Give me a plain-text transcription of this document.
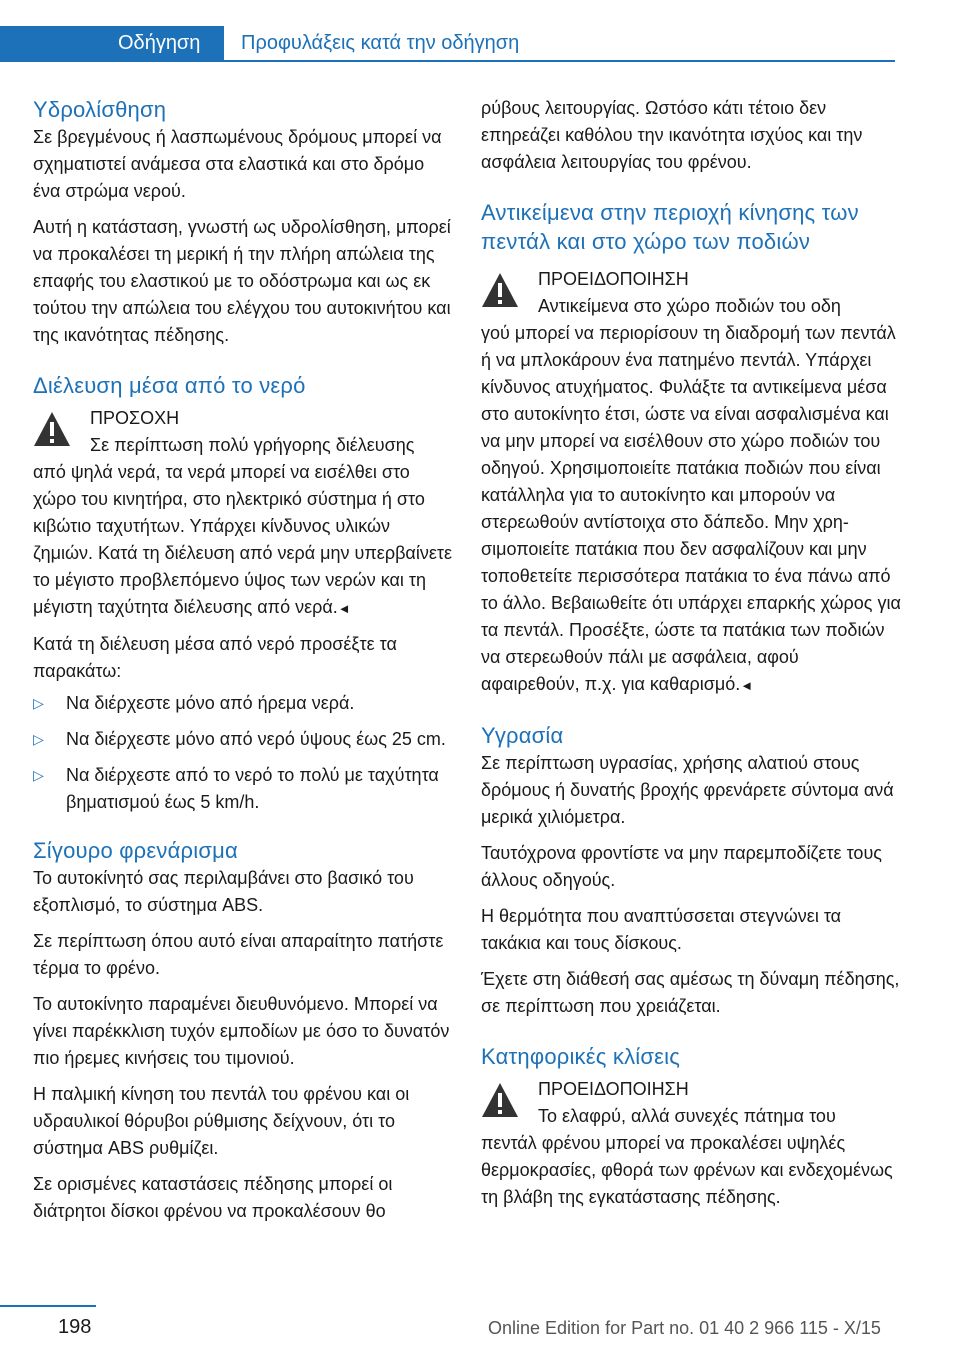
Οδήγηση	Προφυλάξεις κατά την οδήγηση
Υδρολίσθηση

Σε βρεγμένους ή λασπωμένους δρόμους μπορεί να σχηματιστεί ανάμεσα στα ελαστικά και στο δρόμο ένα στρώμα νερού.

Αυτή η κατάσταση, γνωστή ως υδρολίσθηση, μπορεί να προκαλέσει τη μερική ή την πλήρη απώλεια της επαφής του ελαστικού με το οδόστρωμα και ως εκ τούτου την απώλεια του ελέγχου του αυτοκινήτου και της ικανότητας πέδησης.

Διέλευση μέσα από το νερό

ΠΡΟΣΟΧΗ

Σε περίπτωση πολύ γρήγορης διέλευσης

από ψηλά νερά, τα νερά μπορεί να εισέλθει στο χώρο του κινητήρα, στο ηλεκτρικό σύστημα ή στο κιβώτιο ταχυτήτων. Υπάρχει κίνδυνος υλικών ζημιών. Κατά τη διέλευση από νερά μην υπερβαίνετε το μέγιστο προβλεπόμενο ύψος των νερών και τη μέγιστη ταχύτητα διέλευσης από νερά.◄

Κατά τη διέλευση μέσα από νερό προσέξτε τα παρακάτω:

▷	Να διέρχεστε μόνο από ήρεμα νερά.
▷	Να διέρχεστε μόνο από νερό ύψους έως 25 cm.
▷	Να διέρχεστε από το νερό το πολύ με ταχύτητα βηματισμού έως 5 km/h.
Σίγουρο φρενάρισμα

Το αυτοκίνητό σας περιλαμβάνει στο βασικό του εξοπλισμό, το σύστημα ABS.

Σε περίπτωση όπου αυτό είναι απαραίτητο πατήστε τέρμα το φρένο.

Το αυτοκίνητο παραμένει διευθυνόμενο. Μπορεί να γίνει παρέκκλιση τυχόν εμποδίων με όσο το δυνατόν πιο ήρεμες κινήσεις του τιμονιού.

Η παλμική κίνηση του πεντάλ του φρένου και οι υδραυλικοί θόρυβοι ρύθμισης δείχνουν, ότι το σύστημα ABS ρυθμίζει.

Σε ορισμένες καταστάσεις πέδησης μπορεί οι διάτρητοι δίσκοι φρένου να προκαλέσουν θο

ρύβους λειτουργίας. Ωστόσο κάτι τέτοιο δεν επηρεάζει καθόλου την ικανότητα ισχύος και την ασφάλεια λειτουργίας του φρένου.

Αντικείμενα στην περιοχή κίνησης των πεντάλ και στο χώρο των ποδιών

ΠΡΟΕΙΔΟΠΟΙΗΣΗ

Αντικείμενα στο χώρο ποδιών του οδη

γού μπορεί να περιορίσουν τη διαδρομή των πεντάλ ή να μπλοκάρουν ένα πατημένο πεντάλ. Υπάρχει κίνδυνος ατυχήματος. Φυλάξτε τα αντικείμενα μέσα στο αυτοκίνητο έτσι, ώστε να είναι ασφαλισμένα και να μην μπορεί να εισέλθουν στο χώρο ποδιών του οδηγού. Χρησιμοποιείτε πατάκια ποδιών που είναι κατάλληλα για το αυτοκίνητο και μπορούν να στερεωθούν αντίστοιχα στο δάπεδο. Μην χρησιμοποιείτε πατάκια που δεν ασφαλίζουν και μην τοποθετείτε περισσότερα πατάκια το ένα πάνω από το άλλο. Βεβαιωθείτε ότι υπάρχει επαρκής χώρος για τα πεντάλ. Προσέξτε, ώστε τα πατάκια των ποδιών να στερεωθούν πάλι με ασφάλεια, αφού αφαιρεθούν, π.χ. για καθαρισμό.◄

Υγρασία

Σε περίπτωση υγρασίας, χρήσης αλατιού στους δρόμους ή δυνατής βροχής φρενάρετε σύντομα ανά μερικά χιλιόμετρα.

Ταυτόχρονα φροντίστε να μην παρεμποδίζετε τους άλλους οδηγούς.

Η θερμότητα που αναπτύσσεται στεγνώνει τα τακάκια και τους δίσκους.

Έχετε στη διάθεσή σας αμέσως τη δύναμη πέδησης, σε περίπτωση που χρειάζεται.

Κατηφορικές κλίσεις

ΠΡΟΕΙΔΟΠΟΙΗΣΗ

Το ελαφρύ, αλλά συνεχές πάτημα του

πεντάλ φρένου μπορεί να προκαλέσει υψηλές θερμοκρασίες, φθορά των φρένων και ενδεχομένως τη βλάβη της εγκατάστασης πέδησης.

198	Online Edition for Part no. 01 40 2 966 115 - X/15
